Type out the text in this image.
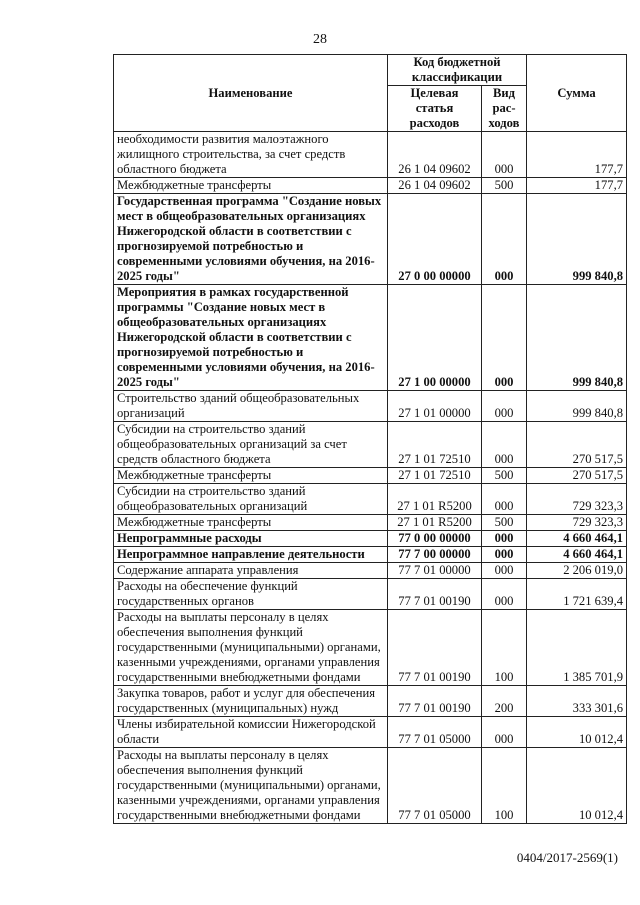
28
Наименование	Код бюджетной классификации		Сумма
	Целевая статья расходов	Вид рас- ходов	
необходимости развития малоэтажного жилищного строительства, за счет средств областного бюджета	26 1 04 09602	000	177,7
Межбюджетные трансферты	26 1 04 09602	500	177,7
Государственная программа "Создание новых мест в общеобразовательных организациях Нижегородской области в соответствии с прогнозируемой потребностью и современными условиями обучения, на 2016-2025 годы"	27 0 00 00000	000	999 840,8
Мероприятия в рамках государственной программы "Создание новых мест в общеобразовательных организациях Нижегородской области в соответствии с прогнозируемой потребностью и современными условиями обучения, на 2016-2025 годы"	27 1 00 00000	000	999 840,8
Строительство зданий общеобразовательных организаций	27 1 01 00000	000	999 840,8
Субсидии на строительство зданий общеобразовательных организаций за счет средств областного бюджета	27 1 01 72510	000	270 517,5
Межбюджетные трансферты	27 1 01 72510	500	270 517,5
Субсидии на строительство зданий общеобразовательных организаций	27 1 01 R5200	000	729 323,3
Межбюджетные трансферты	27 1 01 R5200	500	729 323,3
Непрограммные расходы	77 0 00 00000	000	4 660 464,1
Непрограммное направление деятельности	77 7 00 00000	000	4 660 464,1
Содержание аппарата управления	77 7 01 00000	000	2 206 019,0
Расходы на обеспечение функций государственных органов	77 7 01 00190	000	1 721 639,4
Расходы на выплаты персоналу в целях обеспечения выполнения функций государственными (муниципальными) органами, казенными учреждениями, органами управления государственными внебюджетными фондами	77 7 01 00190	100	1 385 701,9
Закупка товаров, работ и услуг для обеспечения государственных (муниципальных) нужд	77 7 01 00190	200	333 301,6
Члены избирательной комиссии Нижегородской области	77 7 01 05000	000	10 012,4
Расходы на выплаты персоналу в целях обеспечения выполнения функций государственными (муниципальными) органами, казенными учреждениями, органами управления государственными внебюджетными фондами	77 7 01 05000	100	10 012,4
0404/2017-2569(1)
